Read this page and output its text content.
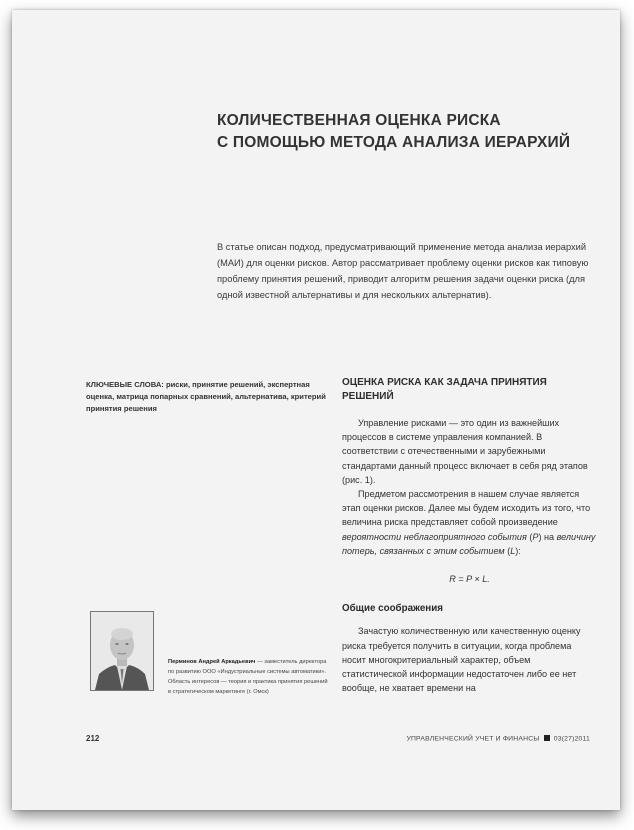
КОЛИЧЕСТВЕННАЯ ОЦЕНКА РИСКА
С ПОМОЩЬЮ МЕТОДА АНАЛИЗА ИЕРАРХИЙ

В статье описан подход, предусматривающий применение метода анализа иерархий (МАИ) для оценки рисков. Автор рассматривает проблему оценки рисков как типовую проблему принятия решений, приводит алгоритм решения задачи оценки риска (для одной известной альтернативы и для нескольких альтернатив).

КЛЮЧЕВЫЕ СЛОВА: риски, принятие решений, экспертная оценка, матрица попарных сравнений, альтернатива, критерий принятия решения

ОЦЕНКА РИСКА КАК ЗАДАЧА ПРИНЯТИЯ РЕШЕНИЙ

Управление рисками — это один из важнейших процессов в системе управления компанией. В соответствии с отечественными и зарубежными стандартами данный процесс включает в себя ряд этапов (рис. 1).

Предметом рассмотрения в нашем случае является этап оценки рисков. Далее мы будем исходить из того, что величина риска представляет собой произведение вероятности неблагоприятного события (P) на величину потерь, связанных с этим событием (L):

R = P × L.

Общие соображения

Зачастую количественную или качественную оценку риска требуется получить в ситуации, когда проблема носит многокритериальный характер, объем статистической информации недостаточен либо ее нет вообще, не хватает времени на

Перминов Андрей Аркадьевич — заместитель директора по развитию ООО «Индустриальные системы автоматики». Область интересов — теория и практика принятия решений в стратегическом маркетинге (г. Омск)

212	УПРАВЛЕНЧЕСКИЙ УЧЕТ И ФИНАНСЫ 03(27)2011
